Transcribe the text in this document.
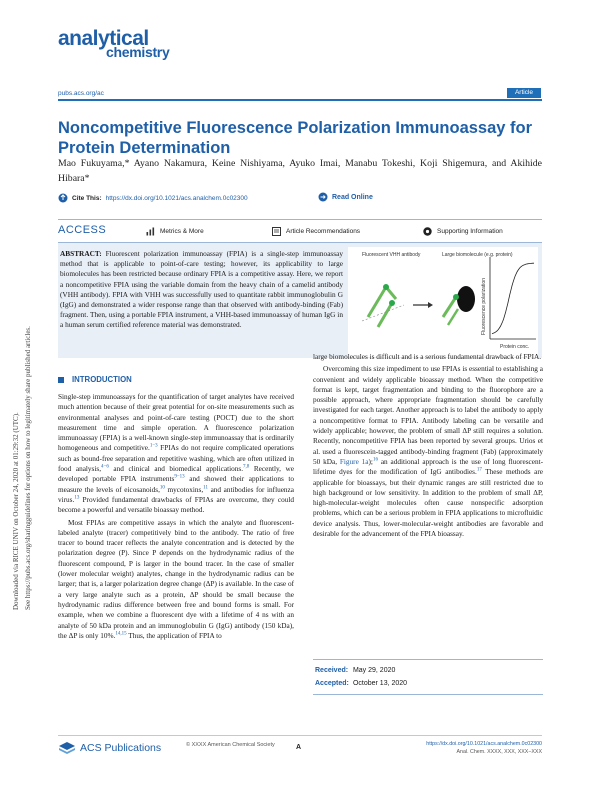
Downloaded via RICE UNIV on October 24, 2020 at 01:29:32 (UTC). See https://pubs.acs.org/sharingguidelines for options on how to legitimately share published articles.
analytical
chemistry
pubs.acs.org/ac	Article
Noncompetitive Fluorescence Polarization Immunoassay for Protein Determination
Mao Fukuyama,* Ayano Nakamura, Keine Nishiyama, Ayuko Imai, Manabu Tokeshi, Koji Shigemura, and Akihide Hibara*
Cite This: https://dx.doi.org/10.1021/acs.analchem.0c02300	Read Online
ACCESS	Metrics & More	Article Recommendations	Supporting Information

ABSTRACT: Fluorescent polarization immunoassay (FPIA) is a single-step immunoassay method that is applicable to point-of-care testing; however, its applicability to large biomolecules has been restricted because ordinary FPIA is a competitive assay. Here, we report a noncompetitive FPIA using the variable domain from the heavy chain of a camelid antibody (VHH antibody). FPIA with VHH was successfully used to quantitate rabbit immunoglobulin G (IgG) and demonstrated a wider response range than that observed with antibody-binding (Fab) fragment. Then, using a portable FPIA instrument, a VHH-based immunoassay of human IgG in a human serum certified reference material was demonstrated.

Fluorescent VHH antibody	Large biomolecule (e.g. protein)
Fluorescence polarization
Protein conc.
INTRODUCTION

Single-step immunoassays for the quantification of target analytes have received much attention because of their great potential for on-site measurements such as environmental analyses and point-of-care testing (POCT) due to the short measurement time and simple operation. A fluorescence polarization immunoassay (FPIA) is a well-known single-step immunoassay that is ordinarily homogeneous and competitive.$^{1-3}$ FPIAs do not require complicated operations such as bound-free separation and repetitive washing, which are often utilized in food analysis,$^{4-6}$ and clinical and biomedical applications.$^{7,8}$ Recently, we developed portable FPIA instruments$^{9-13}$ and showed their applications to measure the levels of eicosanoids,$^{10}$ mycotoxins,$^{11}$ and antibodies for influenza virus.$^{13}$ Provided fundamental drawbacks of FPIAs are overcome, they could become a powerful and versatile bioassay method.

Most FPIAs are competitive assays in which the analyte and fluorescent-labeled analyte (tracer) competitively bind to the antibody. The ratio of free tracer to bound tracer reflects the analyte concentration and is detected by the polarization degree (P). Since P depends on the hydrodynamic radius of the fluorescent compound, P is larger in the bound tracer. In the case of smaller (lower molecular weight) analytes, change in the hydrodynamic radius can be larger; that is, a larger polarization degree change (ΔP) is available. In the case of a very large analyte such as a protein, ΔP should be small because the hydrodynamic radius difference between free and bound forms is small. For example, when we combine a fluorescent dye with a lifetime of 4 ns with an analyte of 50 kDa protein and an immunoglobulin G (IgG) antibody (150 kDa), the ΔP is only 10%.$^{14,15}$ Thus, the application of FPIA to

large biomolecules is difficult and is a serious fundamental drawback of FPIA.

Overcoming this size impediment to use FPIAs is essential to establishing a convenient and widely applicable bioassay method. When the competitive format is kept, target fragmentation and binding to the fluorophore are a possible approach, where appropriate fragmentation should be carefully investigated for each target. Another approach is to label the antibody to apply a noncompetitive format to FPIA. Antibody labeling can be versatile and widely applicable; however, the problem of small ΔP still requires a solution. Recently, noncompetitive FPIA has been reported by several groups. Urios et al. used a fluorescein-tagged antibody-binding fragment (Fab) (approximately 50 kDa, Figure 1a);$^{16}$ an additional approach is the use of long fluorescent-lifetime dyes for the modification of IgG antibodies.$^{17}$ These methods are applicable for bioassays, but their dynamic ranges are still restricted due to high background or low sensitivity. In addition to the problem of small ΔP, high-molecular-weight molecules often cause nonspecific adsorption problems, which can be a serious problem in FPIA applications to microfluidic device analysis. Thus, lower-molecular-weight antibodies are favorable and desirable for the advancement of the FPIA bioassay.

Received: May 29, 2020
Accepted: October 13, 2020
ACS Publications	© XXXX American Chemical Society	A	https://dx.doi.org/10.1021/acs.analchem.0c02300
Anal. Chem. XXXX, XXX, XXX−XXX
